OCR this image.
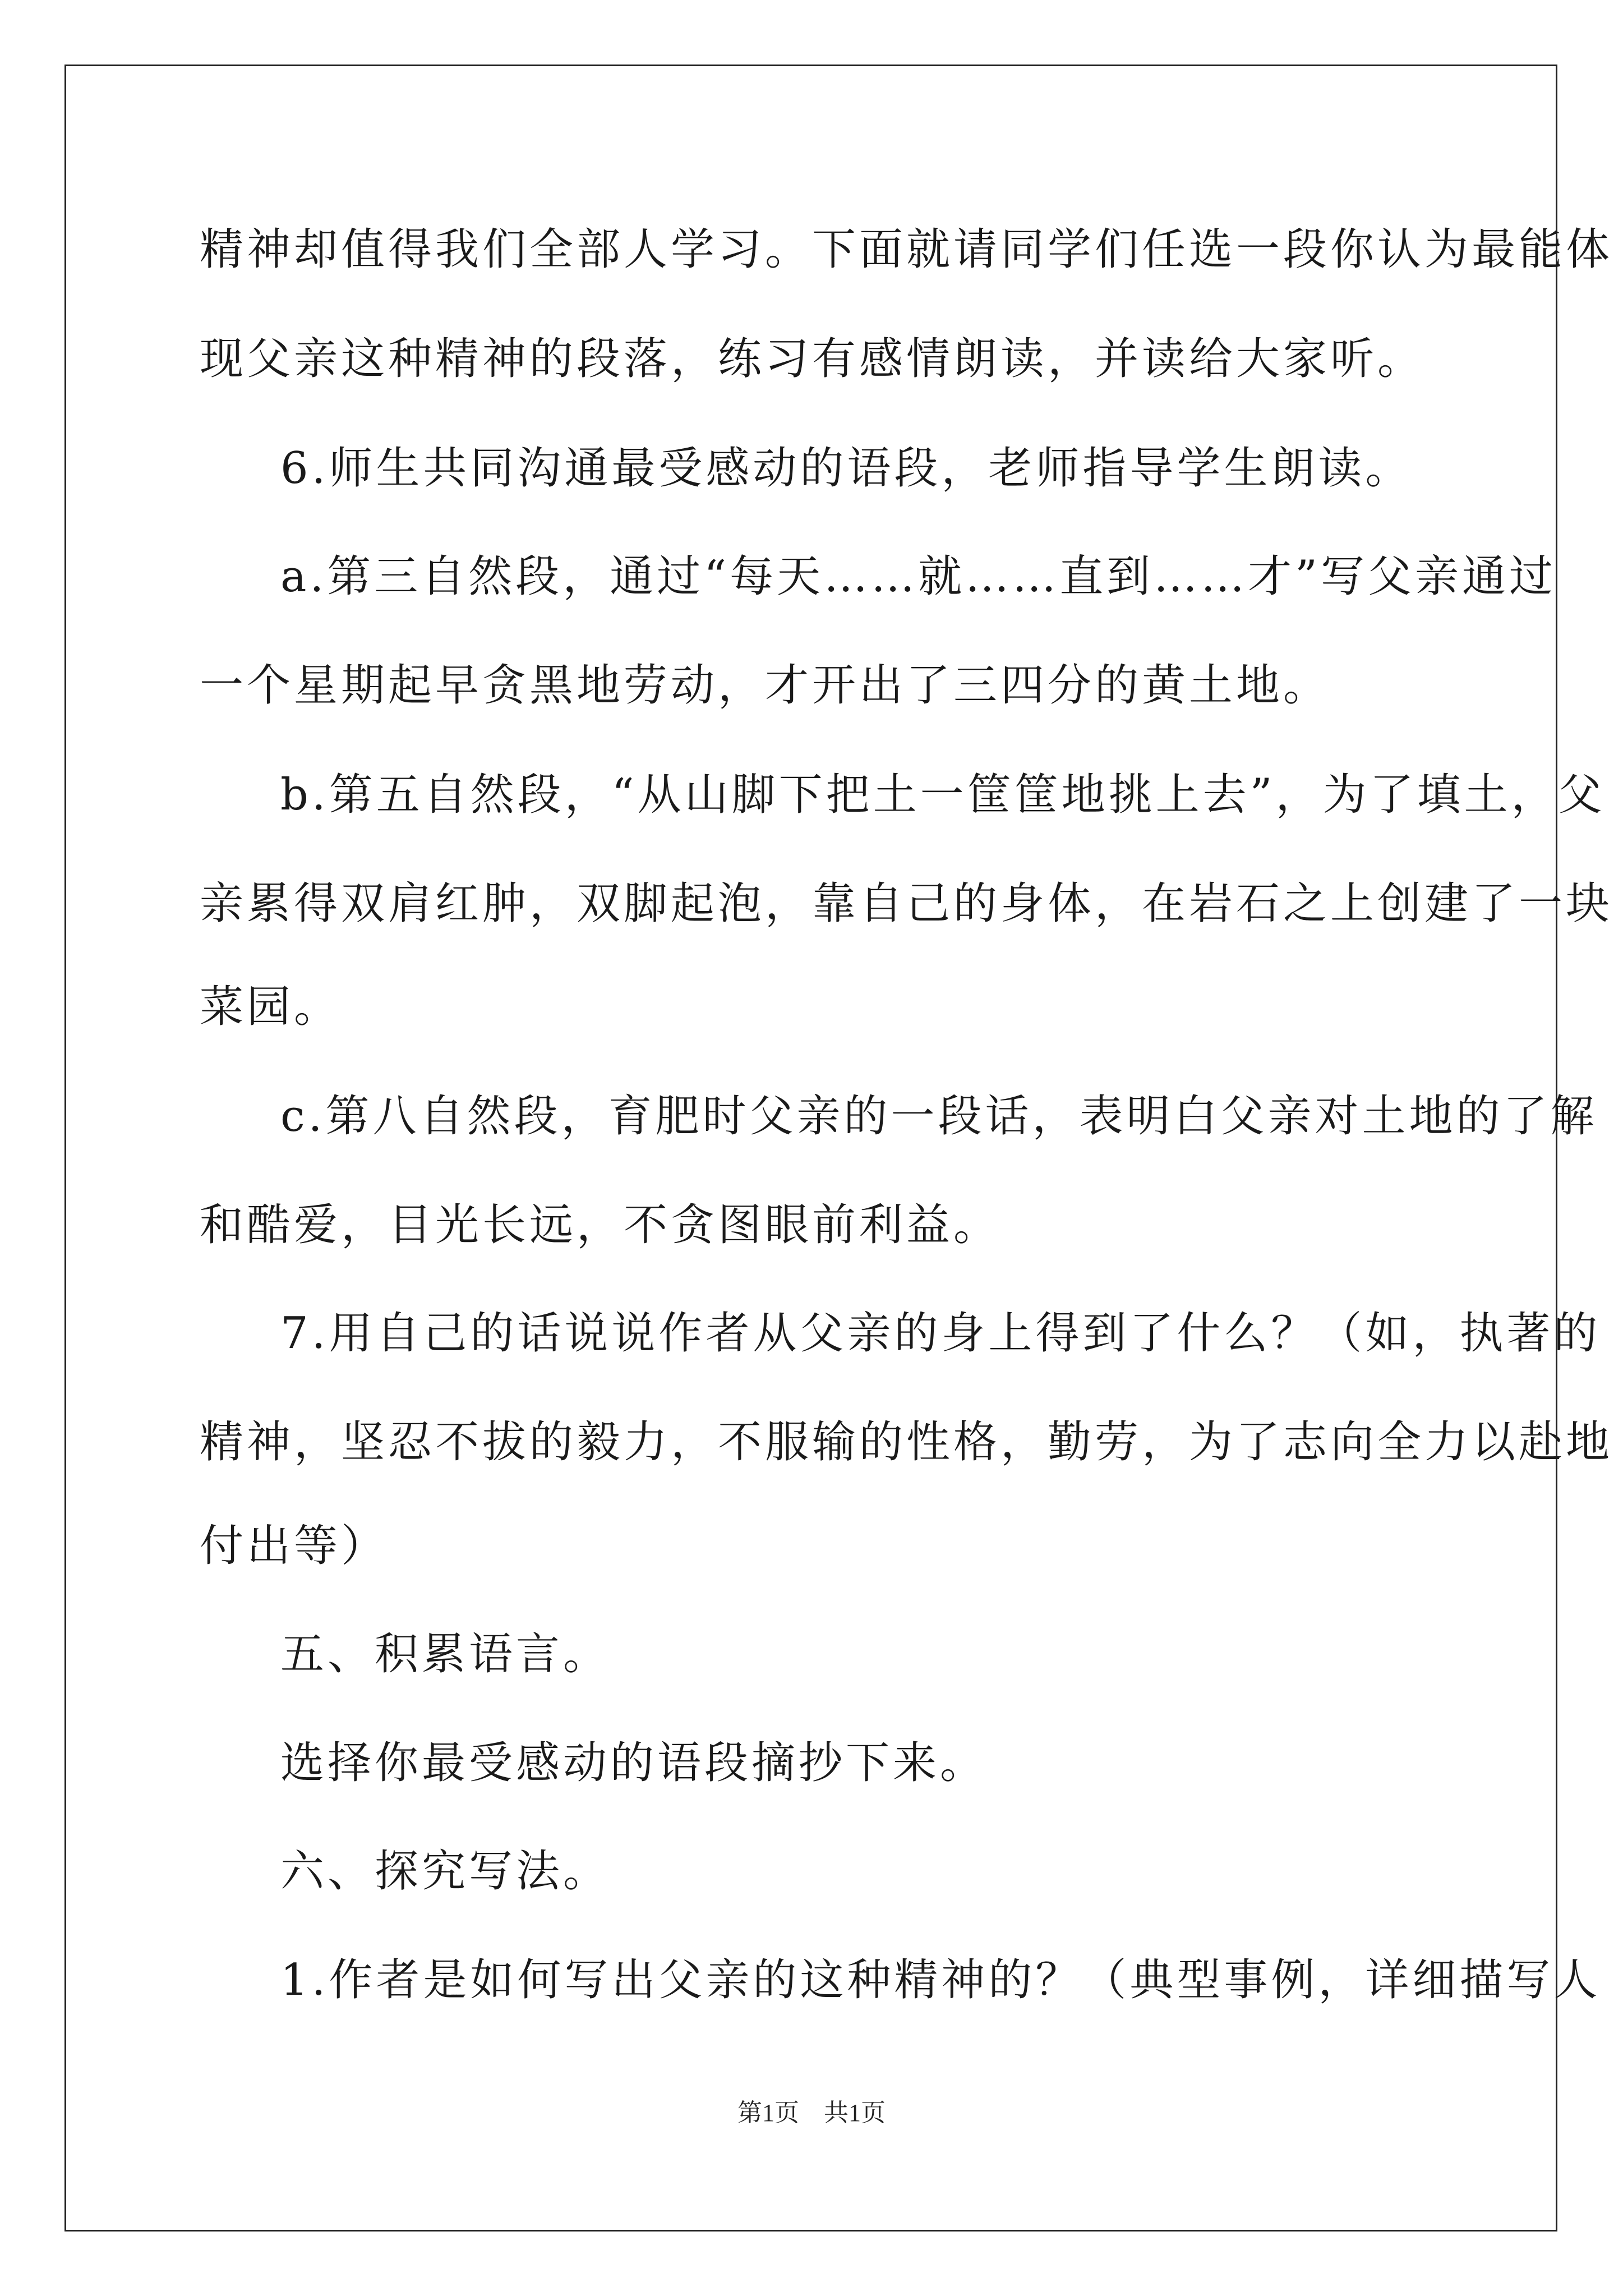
精神却值得我们全部人学习。下面就请同学们任选一段你认为最能体
现父亲这种精神的段落，练习有感情朗读，并读给大家听。
6.师生共同沟通最受感动的语段，老师指导学生朗读。
a.第三自然段，通过“每天……就……直到……才”写父亲通过
一个星期起早贪黑地劳动，才开出了三四分的黄土地。
b.第五自然段，“从山脚下把土一筐筐地挑上去”，为了填土，父
亲累得双肩红肿，双脚起泡，靠自己的身体，在岩石之上创建了一块
菜园。
c.第八自然段，育肥时父亲的一段话，表明白父亲对土地的了解
和酷爱，目光长远，不贪图眼前利益。
7.用自己的话说说作者从父亲的身上得到了什么？（如，执著的
精神，坚忍不拔的毅力，不服输的性格，勤劳，为了志向全力以赴地
付出等）
五、积累语言。
选择你最受感动的语段摘抄下来。
六、探究写法。
1.作者是如何写出父亲的这种精神的？（典型事例，详细描写人
第1页　共1页
